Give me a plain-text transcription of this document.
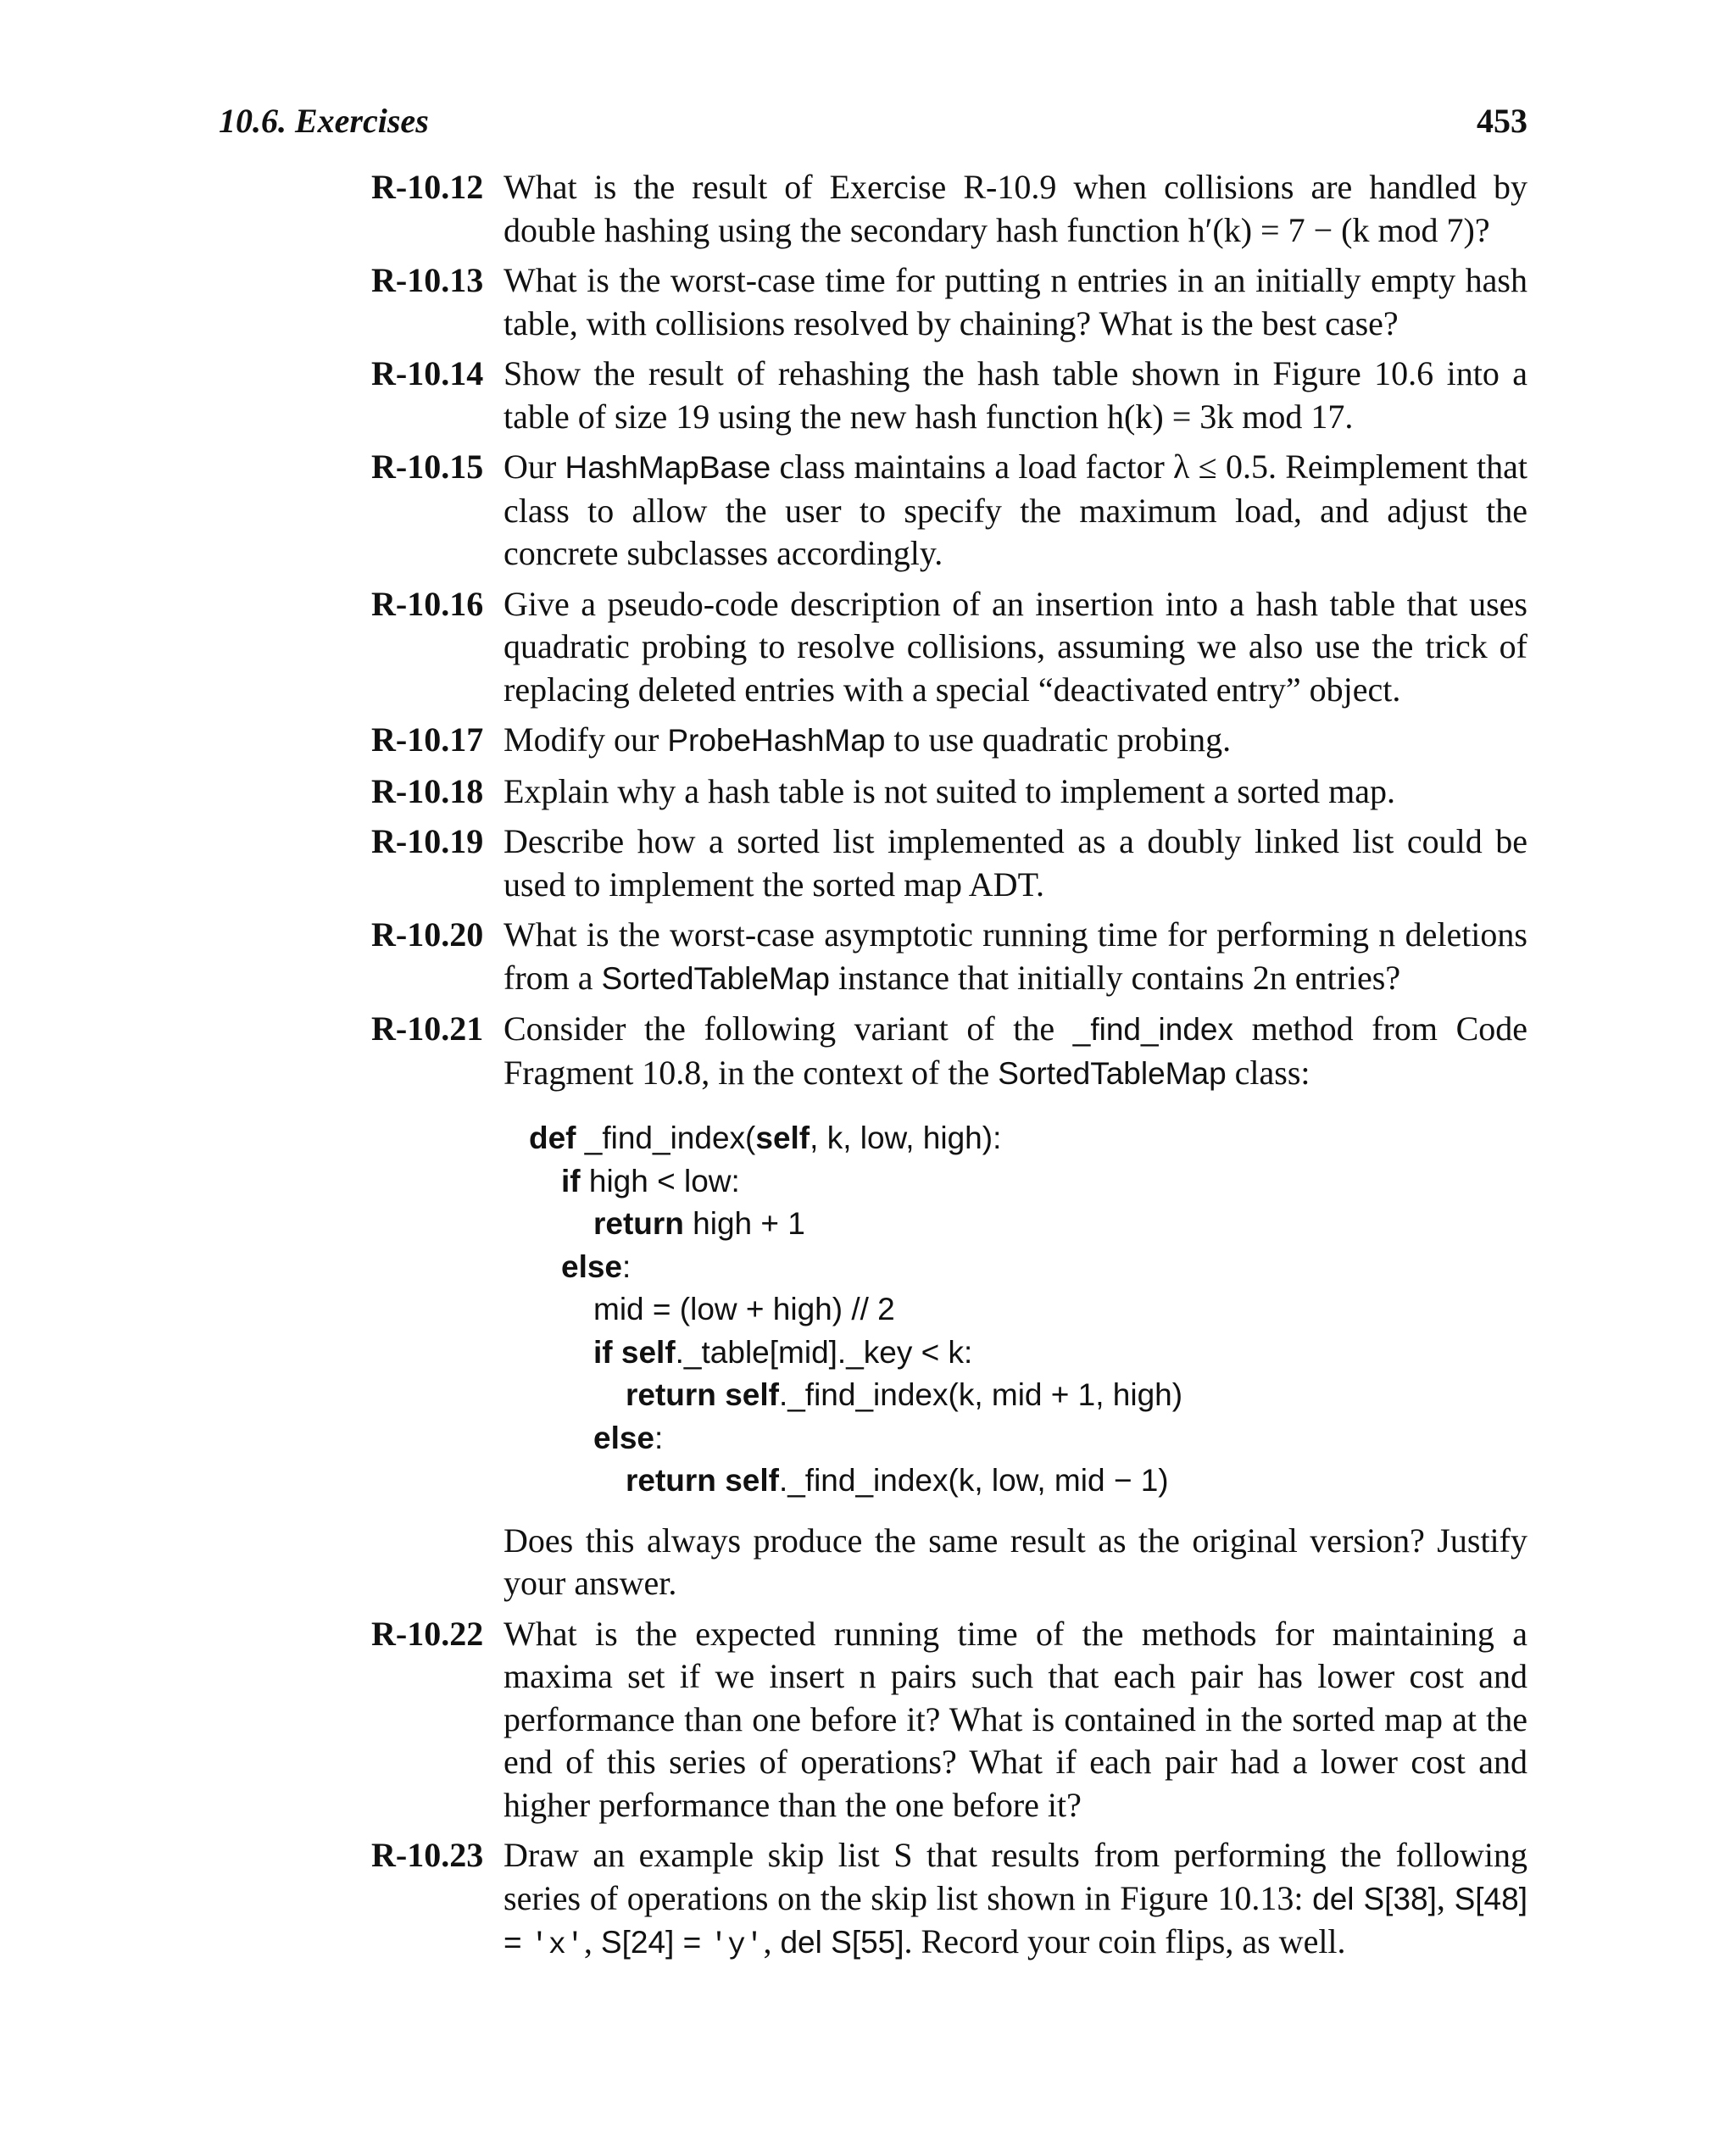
10.6. Exercises	453
R-10.12 What is the result of Exercise R-10.9 when collisions are handled by double hashing using the secondary hash function h′(k) = 7 − (k mod 7)?
R-10.13 What is the worst-case time for putting n entries in an initially empty hash table, with collisions resolved by chaining? What is the best case?
R-10.14 Show the result of rehashing the hash table shown in Figure 10.6 into a table of size 19 using the new hash function h(k) = 3k mod 17.
R-10.15 Our HashMapBase class maintains a load factor λ ≤ 0.5. Reimplement that class to allow the user to specify the maximum load, and adjust the concrete subclasses accordingly.
R-10.16 Give a pseudo-code description of an insertion into a hash table that uses quadratic probing to resolve collisions, assuming we also use the trick of replacing deleted entries with a special “deactivated entry” object.
R-10.17 Modify our ProbeHashMap to use quadratic probing.
R-10.18 Explain why a hash table is not suited to implement a sorted map.
R-10.19 Describe how a sorted list implemented as a doubly linked list could be used to implement the sorted map ADT.
R-10.20 What is the worst-case asymptotic running time for performing n deletions from a SortedTableMap instance that initially contains 2n entries?
R-10.21 Consider the following variant of the _find_index method from Code Fragment 10.8, in the context of the SortedTableMap class:
def _find_index(self, k, low, high):
if high < low:
return high + 1
else:
mid = (low + high) // 2
if self._table[mid]._key < k:
return self._find_index(k, mid + 1, high)
else:
return self._find_index(k, low, mid − 1)
Does this always produce the same result as the original version? Justify your answer.
R-10.22 What is the expected running time of the methods for maintaining a maxima set if we insert n pairs such that each pair has lower cost and performance than one before it? What is contained in the sorted map at the end of this series of operations? What if each pair had a lower cost and higher performance than the one before it?
R-10.23 Draw an example skip list S that results from performing the following series of operations on the skip list shown in Figure 10.13: del S[38], S[48] = 'x', S[24] = 'y', del S[55]. Record your coin flips, as well.
